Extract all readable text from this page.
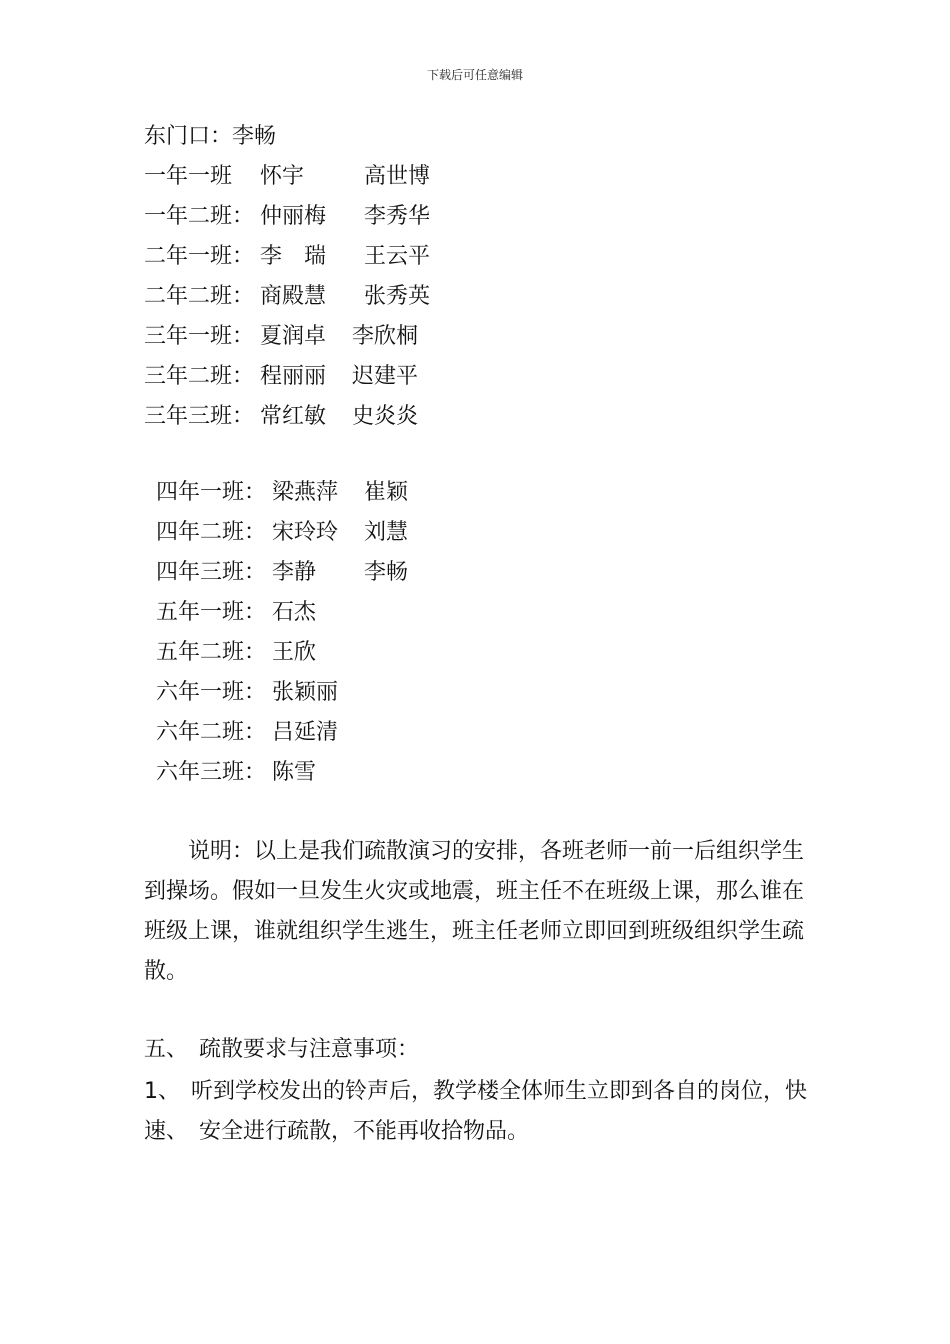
下载后可任意编辑
东门口：李畅
一年一班 怀宇	高世博
一年二班： 仲丽梅 李秀华
二年一班： 李　瑞 王云平
二年二班： 商殿慧 张秀英
三年一班： 夏润卓 李欣桐
三年二班： 程丽丽 迟建平
三年三班： 常红敏 史炎炎
四年一班： 梁燕萍 崔颖
四年二班： 宋玲玲 刘慧
四年三班： 李静 李畅
五年一班： 石杰
五年二班： 王欣
六年一班： 张颖丽
六年二班： 吕延清
六年三班： 陈雪
　　说明：以上是我们疏散演习的安排，各班老师一前一后组织学生到操场。假如一旦发生火灾或地震，班主任不在班级上课，那么谁在班级上课，谁就组织学生逃生，班主任老师立即回到班级组织学生疏散。
五、　疏散要求与注意事项：
1、　听到学校发出的铃声后，教学楼全体师生立即到各自的岗位，快速、　安全进行疏散，不能再收拾物品。
